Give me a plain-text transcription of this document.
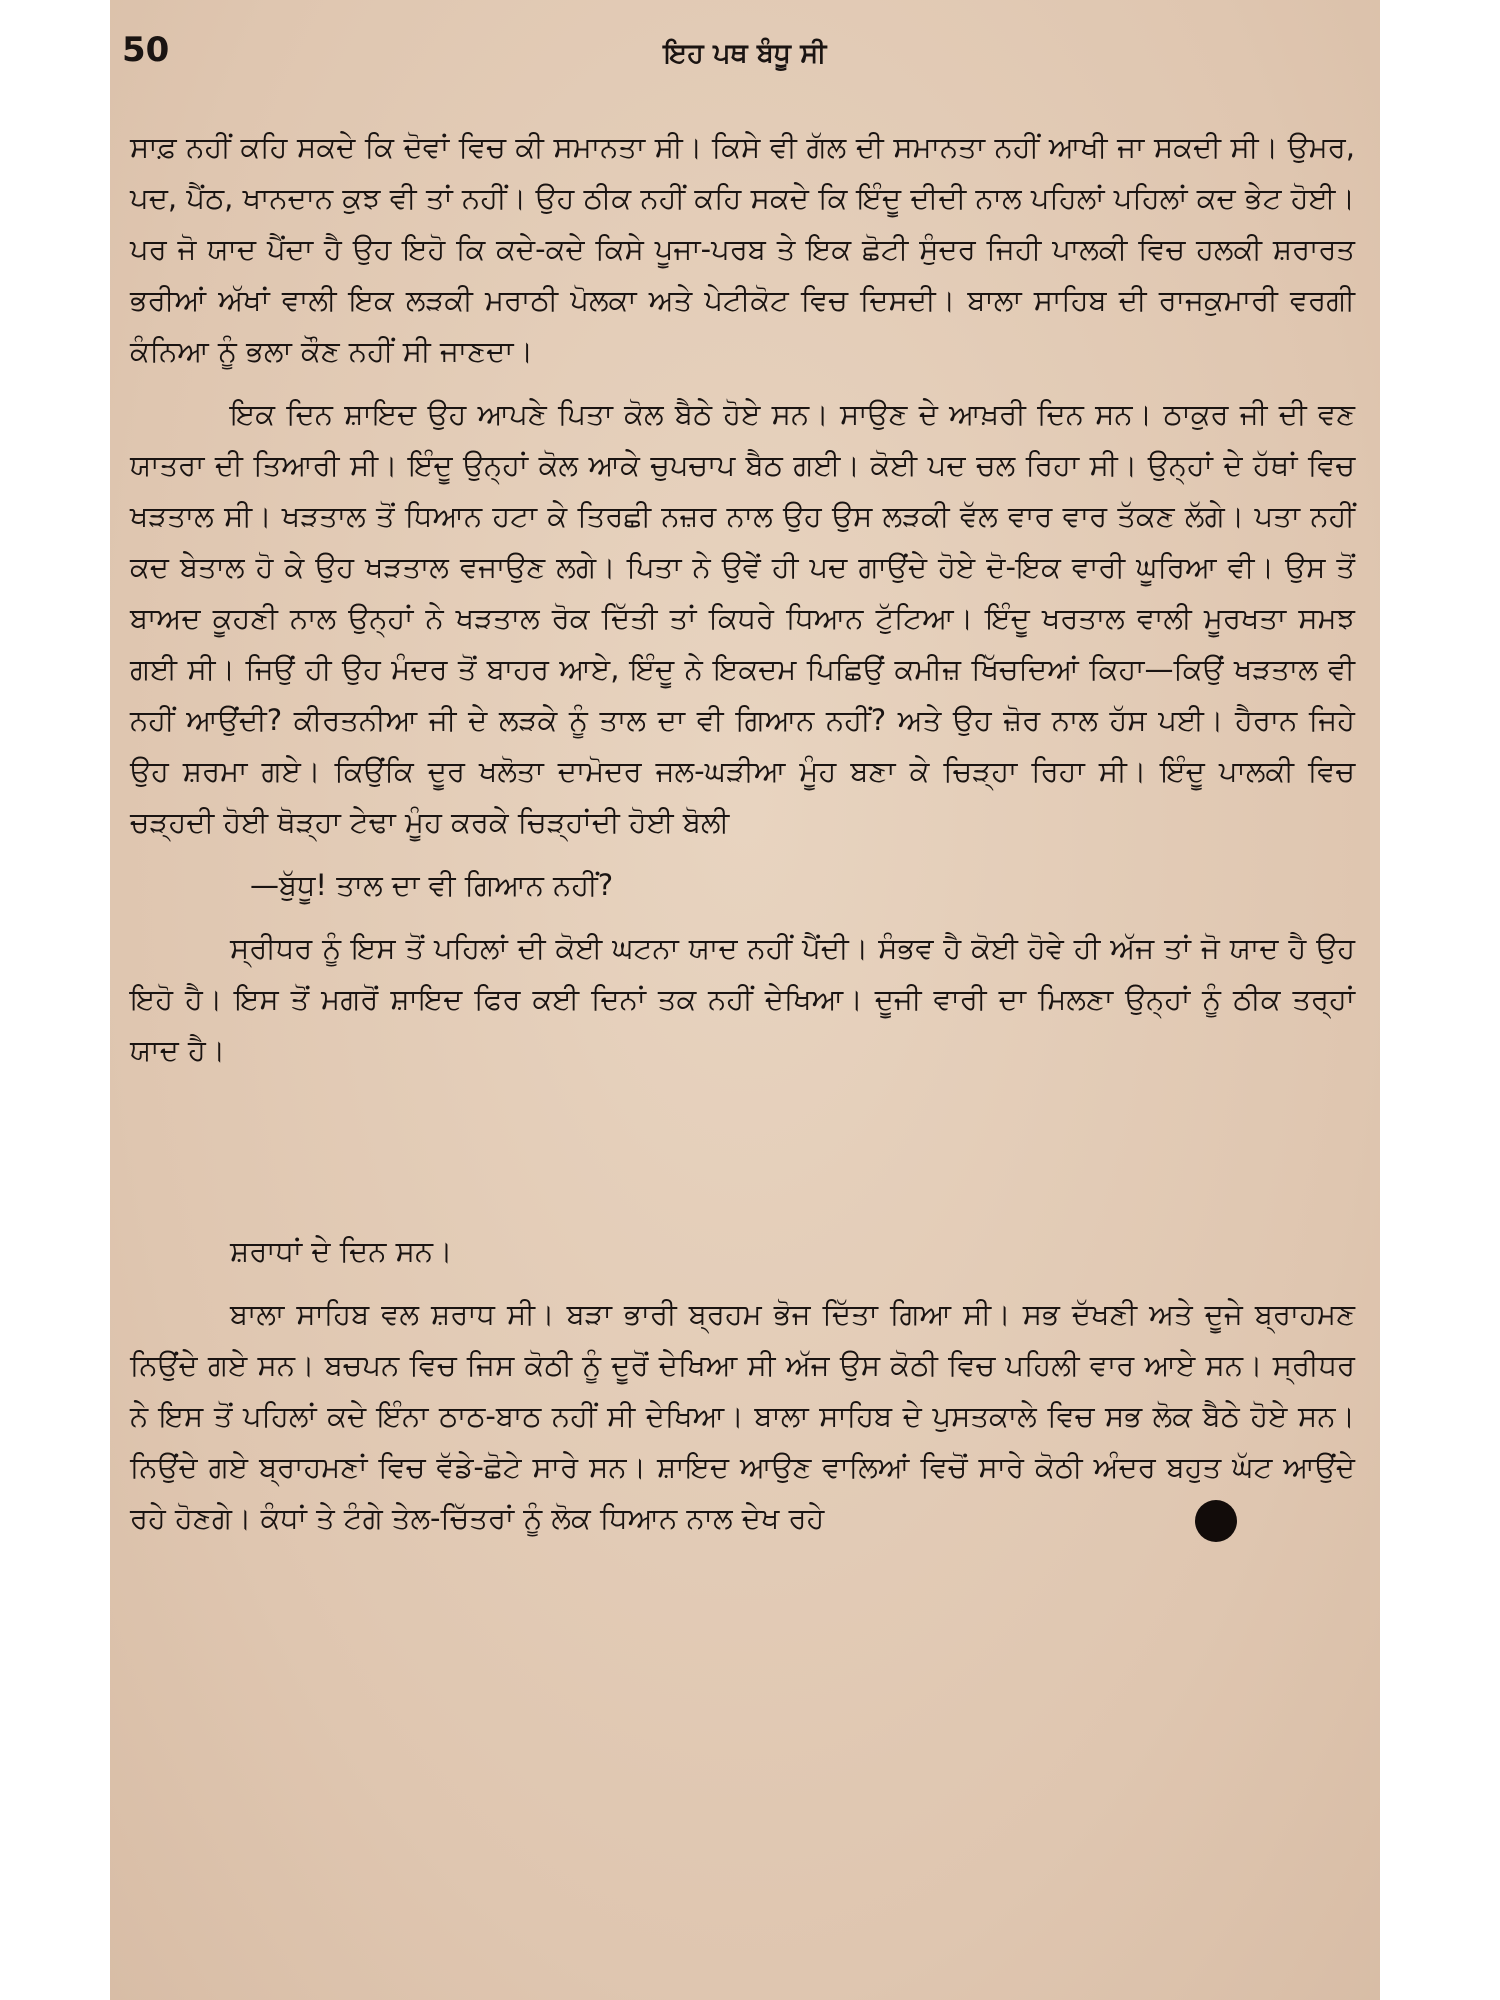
50	ਇਹ ਪਥ ਬੰਧੂ ਸੀ

ਸਾਫ਼ ਨਹੀਂ ਕਹਿ ਸਕਦੇ ਕਿ ਦੋਵਾਂ ਵਿਚ ਕੀ ਸਮਾਨਤਾ ਸੀ। ਕਿਸੇ ਵੀ ਗੱਲ ਦੀ ਸਮਾਨਤਾ ਨਹੀਂ ਆਖੀ ਜਾ ਸਕਦੀ ਸੀ। ਉਮਰ, ਪਦ, ਪੈਂਠ, ਖਾਨਦਾਨ ਕੁਝ ਵੀ ਤਾਂ ਨਹੀਂ। ਉਹ ਠੀਕ ਨਹੀਂ ਕਹਿ ਸਕਦੇ ਕਿ ਇੰਦੂ ਦੀਦੀ ਨਾਲ ਪਹਿਲਾਂ ਪਹਿਲਾਂ ਕਦ ਭੇਟ ਹੋਈ। ਪਰ ਜੋ ਯਾਦ ਪੈਂਦਾ ਹੈ ਉਹ ਇਹੋ ਕਿ ਕਦੇ-ਕਦੇ ਕਿਸੇ ਪੂਜਾ-ਪਰਬ ਤੇ ਇਕ ਛੋਟੀ ਸੁੰਦਰ ਜਿਹੀ ਪਾਲਕੀ ਵਿਚ ਹਲਕੀ ਸ਼ਰਾਰਤ ਭਰੀਆਂ ਅੱਖਾਂ ਵਾਲੀ ਇਕ ਲੜਕੀ ਮਰਾਠੀ ਪੋਲਕਾ ਅਤੇ ਪੇਟੀਕੋਟ ਵਿਚ ਦਿਸਦੀ। ਬਾਲਾ ਸਾਹਿਬ ਦੀ ਰਾਜਕੁਮਾਰੀ ਵਰਗੀ ਕੰਨਿਆ ਨੂੰ ਭਲਾ ਕੌਣ ਨਹੀਂ ਸੀ ਜਾਣਦਾ।

ਇਕ ਦਿਨ ਸ਼ਾਇਦ ਉਹ ਆਪਣੇ ਪਿਤਾ ਕੋਲ ਬੈਠੇ ਹੋਏ ਸਨ। ਸਾਉਣ ਦੇ ਆਖ਼ਰੀ ਦਿਨ ਸਨ। ਠਾਕੁਰ ਜੀ ਦੀ ਵਣ ਯਾਤਰਾ ਦੀ ਤਿਆਰੀ ਸੀ। ਇੰਦੂ ਉਨ੍ਹਾਂ ਕੋਲ ਆਕੇ ਚੁਪਚਾਪ ਬੈਠ ਗਈ। ਕੋਈ ਪਦ ਚਲ ਰਿਹਾ ਸੀ। ਉਨ੍ਹਾਂ ਦੇ ਹੱਥਾਂ ਵਿਚ ਖੜਤਾਲ ਸੀ। ਖੜਤਾਲ ਤੋਂ ਧਿਆਨ ਹਟਾ ਕੇ ਤਿਰਛੀ ਨਜ਼ਰ ਨਾਲ ਉਹ ਉਸ ਲੜਕੀ ਵੱਲ ਵਾਰ ਵਾਰ ਤੱਕਣ ਲੱਗੇ। ਪਤਾ ਨਹੀਂ ਕਦ ਬੇਤਾਲ ਹੋ ਕੇ ਉਹ ਖੜਤਾਲ ਵਜਾਉਣ ਲਗੇ। ਪਿਤਾ ਨੇ ਉਵੇਂ ਹੀ ਪਦ ਗਾਉਂਦੇ ਹੋਏ ਦੋ-ਇਕ ਵਾਰੀ ਘੂਰਿਆ ਵੀ। ਉਸ ਤੋਂ ਬਾਅਦ ਕੂਹਣੀ ਨਾਲ ਉਨ੍ਹਾਂ ਨੇ ਖੜਤਾਲ ਰੋਕ ਦਿੱਤੀ ਤਾਂ ਕਿਧਰੇ ਧਿਆਨ ਟੁੱਟਿਆ। ਇੰਦੂ ਖਰਤਾਲ ਵਾਲੀ ਮੂਰਖਤਾ ਸਮਝ ਗਈ ਸੀ। ਜਿਉਂ ਹੀ ਉਹ ਮੰਦਰ ਤੋਂ ਬਾਹਰ ਆਏ, ਇੰਦੂ ਨੇ ਇਕਦਮ ਪਿਛਿਉਂ ਕਮੀਜ਼ ਖਿੱਚਦਿਆਂ ਕਿਹਾ—ਕਿਉਂ ਖੜਤਾਲ ਵੀ ਨਹੀਂ ਆਉਂਦੀ? ਕੀਰਤਨੀਆ ਜੀ ਦੇ ਲੜਕੇ ਨੂੰ ਤਾਲ ਦਾ ਵੀ ਗਿਆਨ ਨਹੀਂ? ਅਤੇ ਉਹ ਜ਼ੋਰ ਨਾਲ ਹੱਸ ਪਈ। ਹੈਰਾਨ ਜਿਹੇ ਉਹ ਸ਼ਰਮਾ ਗਏ। ਕਿਉਂਕਿ ਦੂਰ ਖਲੋਤਾ ਦਾਮੋਦਰ ਜਲ-ਘੜੀਆ ਮੂੰਹ ਬਣਾ ਕੇ ਚਿੜ੍ਹਾ ਰਿਹਾ ਸੀ। ਇੰਦੂ ਪਾਲਕੀ ਵਿਚ ਚੜ੍ਹਦੀ ਹੋਈ ਥੋੜ੍ਹਾ ਟੇਢਾ ਮੂੰਹ ਕਰਕੇ ਚਿੜ੍ਹਾਂਦੀ ਹੋਈ ਬੋਲੀ

—ਬੁੱਧੂ! ਤਾਲ ਦਾ ਵੀ ਗਿਆਨ ਨਹੀਂ?

ਸ੍ਰੀਧਰ ਨੂੰ ਇਸ ਤੋਂ ਪਹਿਲਾਂ ਦੀ ਕੋਈ ਘਟਨਾ ਯਾਦ ਨਹੀਂ ਪੈਂਦੀ। ਸੰਭਵ ਹੈ ਕੋਈ ਹੋਵੇ ਹੀ ਅੱਜ ਤਾਂ ਜੋ ਯਾਦ ਹੈ ਉਹ ਇਹੋ ਹੈ। ਇਸ ਤੋਂ ਮਗਰੋਂ ਸ਼ਾਇਦ ਫਿਰ ਕਈ ਦਿਨਾਂ ਤਕ ਨਹੀਂ ਦੇਖਿਆ। ਦੂਜੀ ਵਾਰੀ ਦਾ ਮਿਲਣਾ ਉਨ੍ਹਾਂ ਨੂੰ ਠੀਕ ਤਰ੍ਹਾਂ ਯਾਦ ਹੈ।

ਸ਼ਰਾਧਾਂ ਦੇ ਦਿਨ ਸਨ।

ਬਾਲਾ ਸਾਹਿਬ ਵਲ ਸ਼ਰਾਧ ਸੀ। ਬੜਾ ਭਾਰੀ ਬ੍ਰਹਮ ਭੋਜ ਦਿੱਤਾ ਗਿਆ ਸੀ। ਸਭ ਦੱਖਣੀ ਅਤੇ ਦੂਜੇ ਬ੍ਰਾਹਮਣ ਨਿਉਂਦੇ ਗਏ ਸਨ। ਬਚਪਨ ਵਿਚ ਜਿਸ ਕੋਠੀ ਨੂੰ ਦੂਰੋਂ ਦੇਖਿਆ ਸੀ ਅੱਜ ਉਸ ਕੋਠੀ ਵਿਚ ਪਹਿਲੀ ਵਾਰ ਆਏ ਸਨ। ਸ੍ਰੀਧਰ ਨੇ ਇਸ ਤੋਂ ਪਹਿਲਾਂ ਕਦੇ ਇੰਨਾ ਠਾਠ-ਬਾਠ ਨਹੀਂ ਸੀ ਦੇਖਿਆ। ਬਾਲਾ ਸਾਹਿਬ ਦੇ ਪੁਸਤਕਾਲੇ ਵਿਚ ਸਭ ਲੋਕ ਬੈਠੇ ਹੋਏ ਸਨ। ਨਿਉਂਦੇ ਗਏ ਬ੍ਰਾਹਮਣਾਂ ਵਿਚ ਵੱਡੇ-ਛੋਟੇ ਸਾਰੇ ਸਨ। ਸ਼ਾਇਦ ਆਉਣ ਵਾਲਿਆਂ ਵਿਚੋਂ ਸਾਰੇ ਕੋਠੀ ਅੰਦਰ ਬਹੁਤ ਘੱਟ ਆਉਂਦੇ ਰਹੇ ਹੋਣਗੇ। ਕੰਧਾਂ ਤੇ ਟੰਗੇ ਤੇਲ-ਚਿੱਤਰਾਂ ਨੂੰ ਲੋਕ ਧਿਆਨ ਨਾਲ ਦੇਖ ਰਹੇ
